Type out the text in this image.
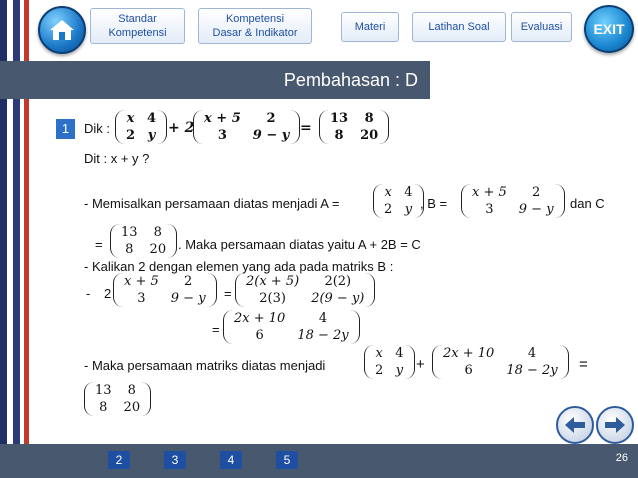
Standar
Kompetensi
Kompetensi
Dasar & Indikator	Materi	Latihan Soal	Evaluasi EXIT
Pembahasan : D
1	Dik :
x	4
2	y + 2
x + 5	2
3	9 − y =
13	8
8	20
Dit : x + y ?
- Memisalkan persamaan diatas menjadi A =
x	4
2	y , B =
x + 5	2
3	9 − y dan C
=
13	8
8	20 . Maka persamaan diatas yaitu A + 2B = C
- Kalikan 2 dengan elemen yang ada pada matriks B :
- 2
x + 5	2
3	9 − y =
2(x + 5)	2(2)
2(3)	2(9 − y)
=
2x + 10	4
6	18 − 2y
- Maka persamaan matriks diatas menjadi
x	4
2	y +
2x + 10	4
6	18 − 2y =
13	8
8	20
2	3	4	5	26
